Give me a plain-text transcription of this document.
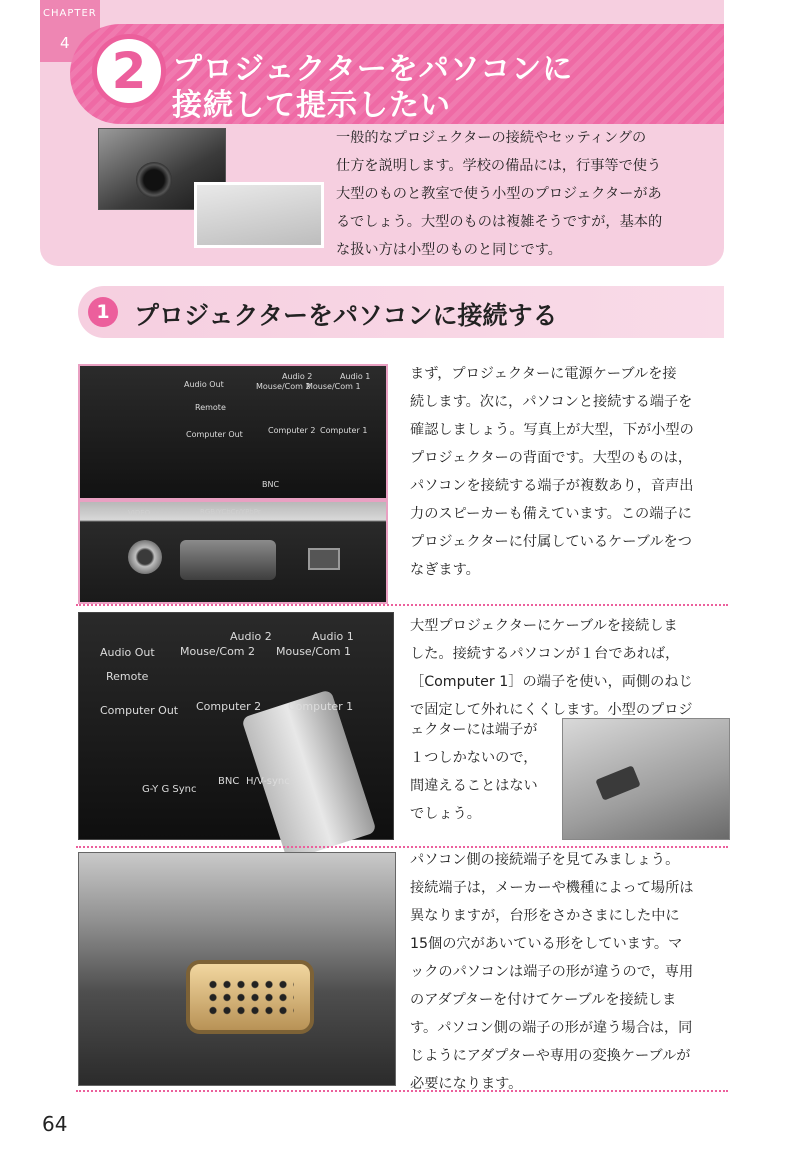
CHAPTER
4 2 プロジェクターをパソコンに
接続して提示したい
一般的なプロジェクターの接続やセッティングの
仕方を説明します。学校の備品には，行事等で使う
大型のものと教室で使う小型のプロジェクターがあ
るでしょう。大型のものは複雑そうですが，基本的
な扱い方は小型のものと同じです。
1 プロジェクターをパソコンに接続する
Audio Out
Remote
Computer Out
Audio 2
Mouse/Com 2
Audio 1
Mouse/Com 1
Computer 2 Computer 1
BNC
VIDEO	RGB/YCbCr/YPbPr
まず，プロジェクターに電源ケーブルを接
続します。次に，パソコンと接続する端子を
確認しましょう。写真上が大型，下が小型の
プロジェクターの背面です。大型のものは，
パソコンを接続する端子が複数あり，音声出
力のスピーカーも備えています。この端子に
プロジェクターに付属しているケーブルをつ
なぎます。
Audio Out
Remote
Computer Out
Audio 2
Mouse/Com 2
Audio 1
Mouse/Com 1
Computer 2 Computer 1
BNC H/V-sync
G-Y G Sync
大型プロジェクターにケーブルを接続しま
した。接続するパソコンが１台であれば，
［Computer 1］の端子を使い，両側のねじ
で固定して外れにくくします。小型のプロジ
ェクターには端子が
１つしかないので，
間違えることはない
でしょう。
パソコン側の接続端子を見てみましょう。
接続端子は，メーカーや機種によって場所は
異なりますが，台形をさかさまにした中に
15個の穴があいている形をしています。マ
ックのパソコンは端子の形が違うので，専用
のアダプターを付けてケーブルを接続しま
す。パソコン側の端子の形が違う場合は，同
じようにアダプターや専用の変換ケーブルが
必要になります。
64
